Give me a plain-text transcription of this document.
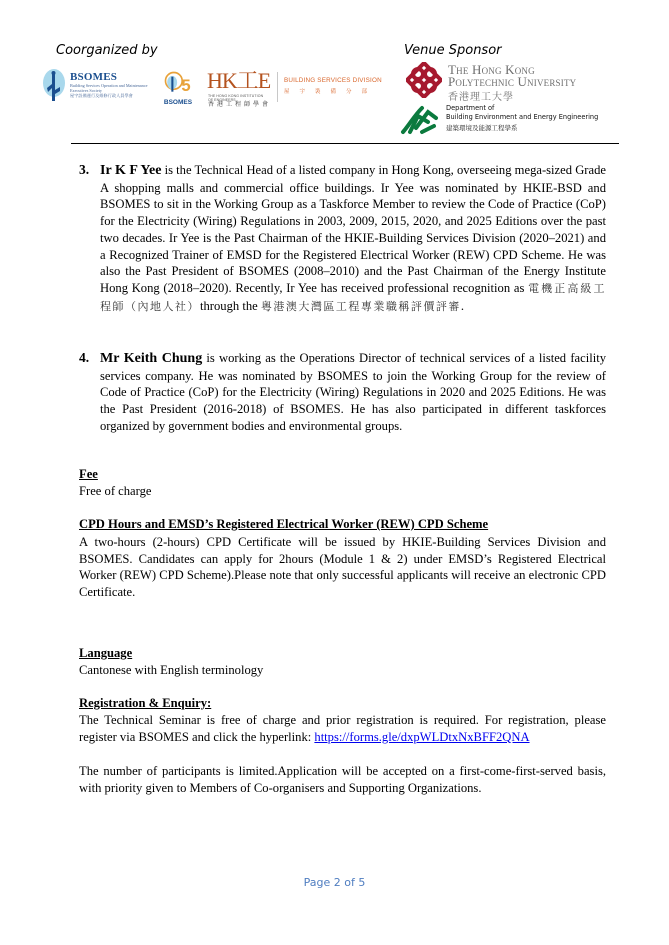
Coorganized by	Venue Sponsor
BSOMES
Building Services Operation and Maintenance Executives Society
屋宇設備運行及維修行政人員學會
5
BSOMES
HK工E
THE HONG KONG INSTITUTION OF ENGINEERS
香港工程師學會
BUILDING SERVICES DIVISION
屋宇裝備分部
The Hong Kong
Polytechnic University
香港理工大學
Department of
Building Environment and Energy Engineering
建築環境及能源工程學系
3. Ir K F Yee is the Technical Head of a listed company in Hong Kong, overseeing mega-sized Grade A shopping malls and commercial office buildings. Ir Yee was nominated by HKIE-BSD and BSOMES to sit in the Working Group as a Taskforce Member to review the Code of Practice (CoP) for the Electricity (Wiring) Regulations in 2003, 2009, 2015, 2020, and 2025 Editions over the past two decades. Ir Yee is the Past Chairman of the HKIE-Building Services Division (2020–2021) and a Recognized Trainer of EMSD for the Registered Electrical Worker (REW) CPD Scheme. He was also the Past President of BSOMES (2008–2010) and the Past Chairman of the Energy Institute Hong Kong (2018–2020). Recently, Ir Yee has received professional recognition as 電機正高級工程師（內地人社）through the 粵港澳大灣區工程專業職稱評價評審.
4. Mr Keith Chung is working as the Operations Director of technical services of a listed facility services company. He was nominated by BSOMES to join the Working Group for the review of Code of Practice (CoP) for the Electricity (Wiring) Regulations in 2020 and 2025 Editions. He was the Past President (2016-2018) of BSOMES. He has also participated in different taskforces organized by government bodies and environmental groups.
Fee
Free of charge
CPD Hours and EMSD’s Registered Electrical Worker (REW) CPD Scheme
A two-hours (2-hours) CPD Certificate will be issued by HKIE-Building Services Division and BSOMES. Candidates can apply for 2hours (Module 1 & 2) under EMSD’s Registered Electrical Worker (REW) CPD Scheme).Please note that only successful applicants will receive an electronic CPD Certificate.
Language
Cantonese with English terminology
Registration & Enquiry:
The Technical Seminar is free of charge and prior registration is required. For registration, please register via BSOMES and click the hyperlink: https://forms.gle/dxpWLDtxNxBFF2QNA
The number of participants is limited.Application will be accepted on a first-come-first-served basis, with priority given to Members of Co-organisers and Supporting Organizations.
Page 2 of 5
